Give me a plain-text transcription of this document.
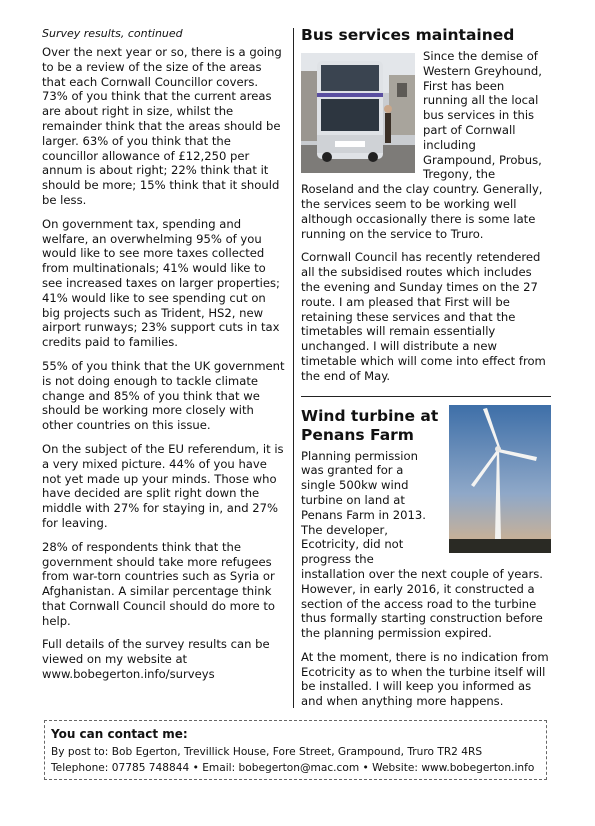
Survey results, continued

Over the next year or so, there is a going to be a review of the size of the areas that each Cornwall Councillor covers. 73% of you think that the current areas are about right in size, whilst the remainder think that the areas should be larger. 63% of you think that the councillor allowance of £12,250 per annum is about right; 22% think that it should be more; 15% think that it should be less.

On government tax, spending and welfare, an overwhelming 95% of you would like to see more taxes collected from multinationals; 41% would like to see increased taxes on larger properties; 41% would like to see spending cut on big projects such as Trident, HS2, new airport runways; 23% support cuts in tax credits paid to families.

55% of you think that the UK government is not doing enough to tackle climate change and 85% of you think that we should be working more closely with other countries on this issue.

On the subject of the EU referendum, it is a very mixed picture. 44% of you have not yet made up your minds. Those who have decided are split right down the middle with 27% for staying in, and 27% for leaving.

28% of respondents think that the government should take more refugees from war-torn countries such as Syria or Afghanistan. A similar percentage think that Cornwall Council should do more to help.

Full details of the survey results can be viewed on my website at www.bobegerton.info/surveys

Bus services maintained

Since the demise of Western Greyhound, First has been running all the local bus services in this part of Cornwall including Grampound, Probus, Tregony, the Roseland and the clay country. Generally, the services seem to be working well although occasionally there is some late running on the service to Truro.

Cornwall Council has recently retendered all the subsidised routes which includes the evening and Sunday times on the 27 route. I am pleased that First will be retaining these services and that the timetables will remain essentially unchanged. I will distribute a new timetable which will come into effect from the end of May.

Wind turbine at Penans Farm

Planning permission was granted for a single 500kw wind turbine on land at Penans Farm in 2013. The developer, Ecotricity, did not progress the installation over the next couple of years. However, in early 2016, it constructed a section of the access road to the turbine thus formally starting construction before the planning permission expired.

At the moment, there is no indication from Ecotricity as to when the turbine itself will be installed. I will keep you informed as and when anything more happens.

You can contact me:
By post to: Bob Egerton, Trevillick House, Fore Street, Grampound, Truro TR2 4RS
Telephone: 07785 748844 • Email: bobegerton@mac.com • Website: www.bobegerton.info
